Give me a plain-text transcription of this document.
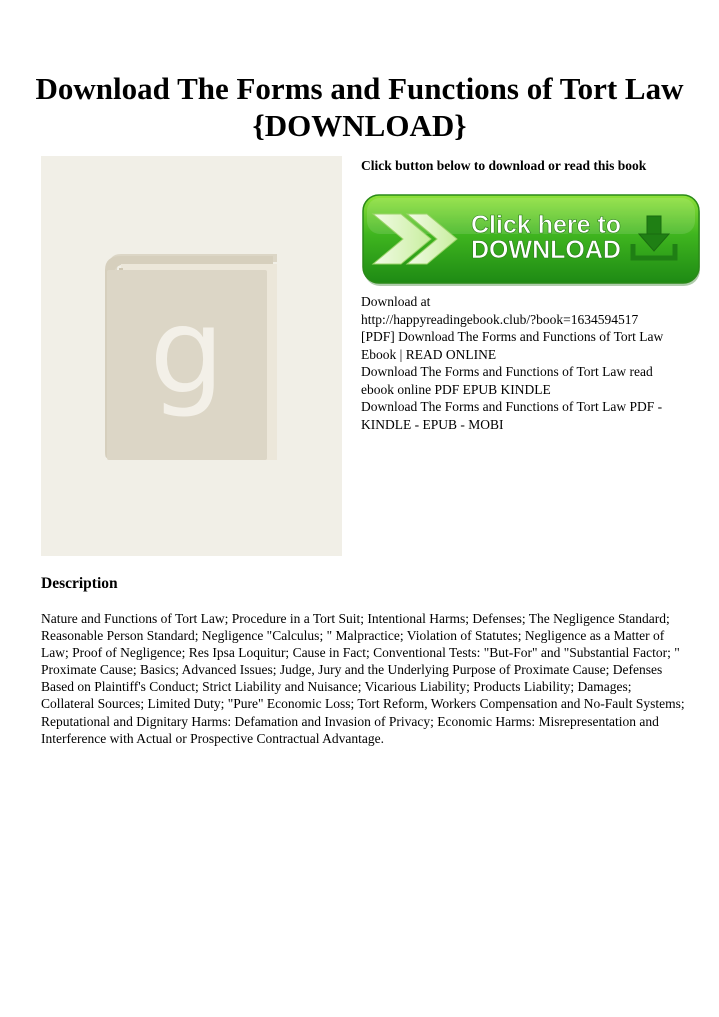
Download The Forms and Functions of Tort Law
{DOWNLOAD}
g

Click button below to download or read this book

Click here to
DOWNLOAD
Download at
http://happyreadingebook.club/?book=1634594517
[PDF] Download The Forms and Functions of Tort Law
Ebook | READ ONLINE
Download The Forms and Functions of Tort Law read
ebook online PDF EPUB KINDLE
Download The Forms and Functions of Tort Law PDF -
KINDLE - EPUB - MOBI
Description

Nature and Functions of Tort Law; Procedure in a Tort Suit; Intentional Harms; Defenses; The Negligence Standard; Reasonable Person Standard; Negligence "Calculus; " Malpractice; Violation of Statutes; Negligence as a Matter of Law; Proof of Negligence; Res Ipsa Loquitur; Cause in Fact; Conventional Tests: "But-For" and "Substantial Factor; " Proximate Cause; Basics; Advanced Issues; Judge, Jury and the Underlying Purpose of Proximate Cause; Defenses Based on Plaintiff's Conduct; Strict Liability and Nuisance; Vicarious Liability; Products Liability; Damages; Collateral Sources; Limited Duty; "Pure" Economic Loss; Tort Reform, Workers Compensation and No-Fault Systems; Reputational and Dignitary Harms: Defamation and Invasion of Privacy; Economic Harms: Misrepresentation and Interference with Actual or Prospective Contractual Advantage.
